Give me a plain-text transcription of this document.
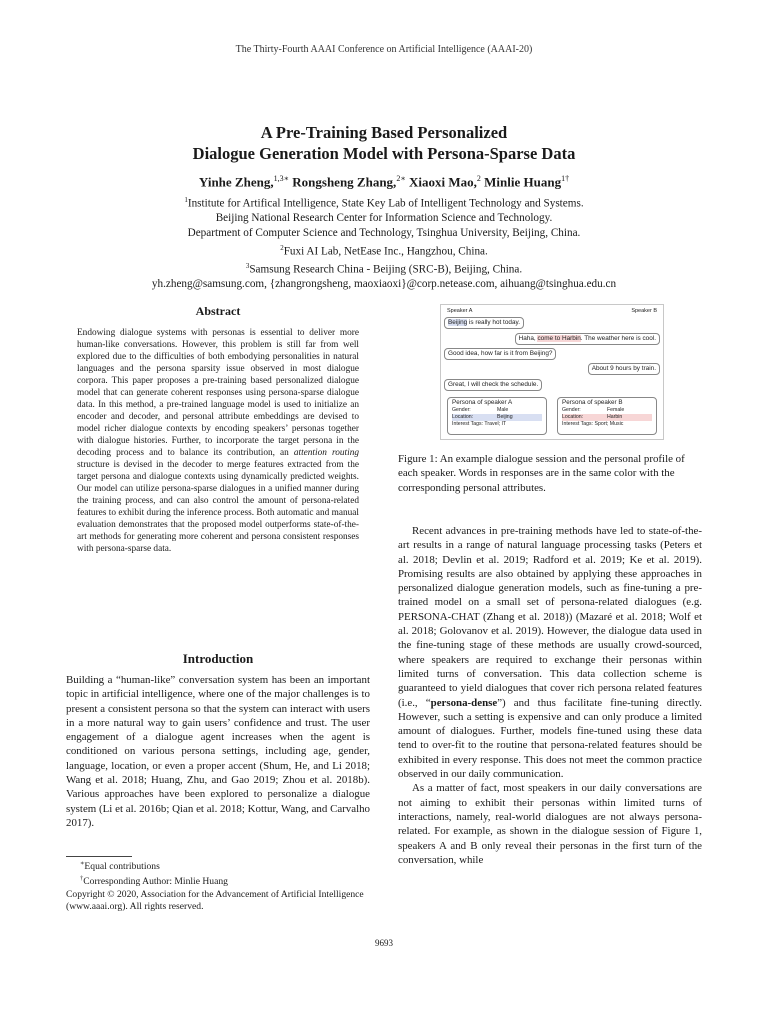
The Thirty-Fourth AAAI Conference on Artificial Intelligence (AAAI-20)
A Pre-Training Based Personalized
Dialogue Generation Model with Persona-Sparse Data
Yinhe Zheng,$^{1,3∗}$ Rongsheng Zhang,$^{2∗}$ Xiaoxi Mao,$^2$ Minlie Huang$^{1\dagger}$
$^1$Institute for Artifical Intelligence, State Key Lab of Intelligent Technology and Systems.
Beijing National Research Center for Information Science and Technology.
Department of Computer Science and Technology, Tsinghua University, Beijing, China.
$^2$Fuxi AI Lab, NetEase Inc., Hangzhou, China.
$^3$Samsung Research China - Beijing (SRC-B), Beijing, China.
yh.zheng@samsung.com, {zhangrongsheng, maoxiaoxi}@corp.netease.com, aihuang@tsinghua.edu.cn
Abstract

Endowing dialogue systems with personas is essential to deliver more human-like conversations. However, this problem is still far from well explored due to the difficulties of both embodying personalities in natural languages and the persona sparsity issue observed in most dialogue corpora. This paper proposes a pre-training based personalized dialogue model that can generate coherent responses using persona-sparse dialogue data. In this method, a pre-trained language model is used to initialize an encoder and decoder, and personal attribute embeddings are devised to model richer dialogue contexts by encoding speakers’ personas together with dialogue histories. Further, to incorporate the target persona in the decoding process and to balance its contribution, an attention routing structure is devised in the decoder to merge features extracted from the target persona and dialogue contexts using dynamically predicted weights. Our model can utilize persona-sparse dialogues in a unified manner during the training process, and can also control the amount of persona-related features to exhibit during the inference process. Both automatic and manual evaluation demonstrates that the proposed model outperforms state-of-the-art methods for generating more coherent and persona consistent responses with persona-sparse data.

Introduction

Building a “human-like” conversation system has been an important topic in artificial intelligence, where one of the major challenges is to present a consistent persona so that the system can interact with users in a more natural way to gain users’ confidence and trust. The user engagement of a dialogue agent increases when the agent is conditioned on various persona settings, including age, gender, language, location, or even a proper accent (Shum, He, and Li 2018; Wang et al. 2018; Huang, Zhu, and Gao 2019; Zhou et al. 2018b). Various approaches have been explored to personalize a dialogue system (Li et al. 2016b; Qian et al. 2018; Kottur, Wang, and Carvalho 2017).

∗Equal contributions

†Corresponding Author: Minlie Huang

Copyright © 2020, Association for the Advancement of Artificial Intelligence (www.aaai.org). All rights reserved.

Speaker A	Speaker B
Beijing is really hot today.
Haha, come to Harbin. The weather here is cool.
Good idea, how far is it from Beijing?
About 9 hours by train.
Great, I will check the schedule.
Persona of speaker A
Gender:	Male
Location:	Beijing
Interest Tags: Travel; IT
Persona of speaker B
Gender:	Female
Location:	Harbin
Interest Tags: Sport; Music
Figure 1: An example dialogue session and the personal profile of each speaker. Words in responses are in the same color with the corresponding personal attributes.

Recent advances in pre-training methods have led to state-of-the-art results in a range of natural language processing tasks (Peters et al. 2018; Devlin et al. 2019; Radford et al. 2019; Ke et al. 2019). Promising results are also obtained by applying these approaches in personalized dialogue generation models, such as fine-tuning a pre-trained model on a small set of persona-related dialogues (e.g. PERSONA-CHAT (Zhang et al. 2018)) (Mazaré et al. 2018; Wolf et al. 2018; Golovanov et al. 2019). However, the dialogue data used in the fine-tuning stage of these methods are usually crowd-sourced, where speakers are required to exchange their personas within limited turns of conversation. This data collection scheme is guaranteed to yield dialogues that cover rich persona related features (i.e., “persona-dense”) and thus facilitate fine-tuning directly. However, such a setting is expensive and can only produce a limited amount of dialogues. Further, models fine-tuned using these data tend to over-fit to the routine that persona-related features should be exhibited in every response. This does not meet the common practice observed in our daily communication.

As a matter of fact, most speakers in our daily conversations are not aiming to exhibit their personas within limited turns of interactions, namely, real-world dialogues are not always persona-related. For example, as shown in the dialogue session of Figure 1, speakers A and B only reveal their personas in the first turn of the conversation, while

9693
